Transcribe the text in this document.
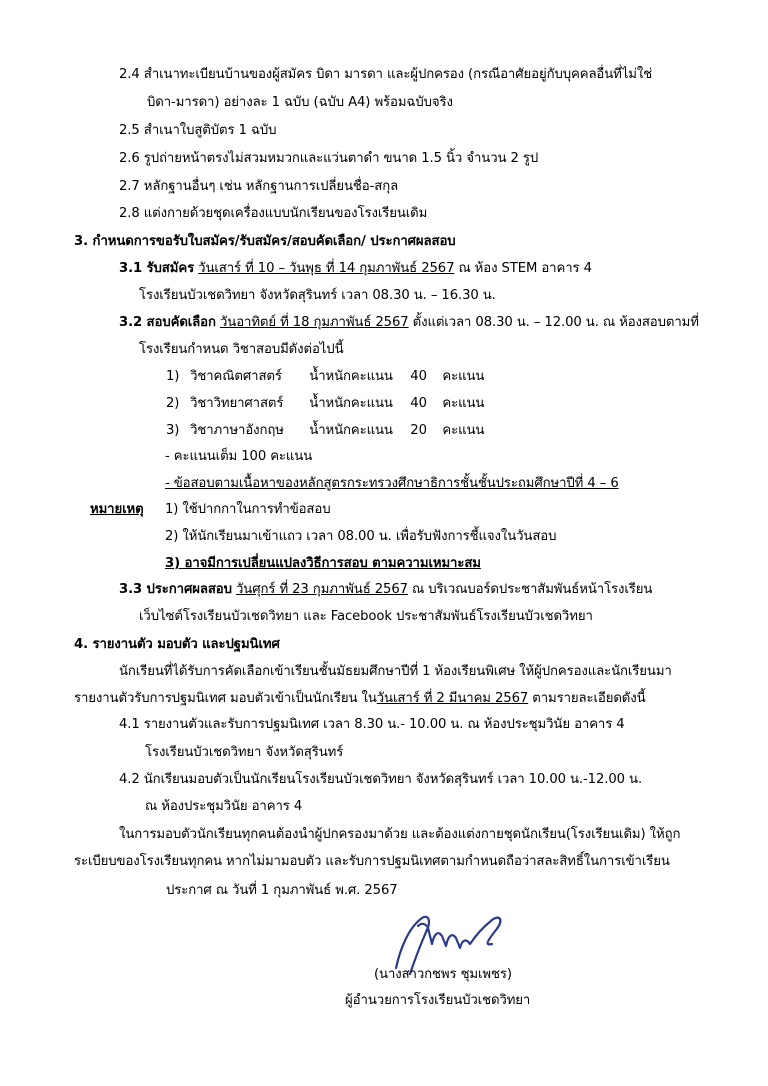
2.4 สำเนาทะเบียนบ้านของผู้สมัคร บิดา มารดา และผู้ปกครอง (กรณีอาศัยอยู่กับบุคคลอื่นที่ไม่ใช่
บิดา-มารดา) อย่างละ 1 ฉบับ (ฉบับ A4) พร้อมฉบับจริง
2.5 สำเนาใบสูติบัตร 1 ฉบับ
2.6 รูปถ่ายหน้าตรงไม่สวมหมวกและแว่นตาดำ ขนาด 1.5 นิ้ว จำนวน 2 รูป
2.7 หลักฐานอื่นๆ เช่น หลักฐานการเปลี่ยนชื่อ-สกุล
2.8 แต่งกายด้วยชุดเครื่องแบบนักเรียนของโรงเรียนเดิม
3. กำหนดการขอรับใบสมัคร/รับสมัคร/สอบคัดเลือก/ ประกาศผลสอบ
3.1 รับสมัคร วันเสาร์ ที่ 10 – วันพุธ ที่ 14 กุมภาพันธ์ 2567 ณ ห้อง STEM อาคาร 4
โรงเรียนบัวเชดวิทยา จังหวัดสุรินทร์ เวลา 08.30 น. – 16.30 น.
3.2 สอบคัดเลือก วันอาทิตย์ ที่ 18 กุมภาพันธ์ 2567 ตั้งแต่เวลา 08.30 น. – 12.00 น. ณ ห้องสอบตามที่
โรงเรียนกำหนด วิชาสอบมีดังต่อไปนี้
1) วิชาคณิตศาสตร์ น้ำหนักคะแนน 40 คะแนน
2) วิชาวิทยาศาสตร์ น้ำหนักคะแนน 40 คะแนน
3) วิชาภาษาอังกฤษ น้ำหนักคะแนน 20 คะแนน
- คะแนนเต็ม 100 คะแนน
- ข้อสอบตามเนื้อหาของหลักสูตรกระทรวงศึกษาธิการชั้นชั้นประถมศึกษาปีที่ 4 – 6
หมายเหตุ 1) ใช้ปากกาในการทำข้อสอบ
2) ให้นักเรียนมาเข้าแถว เวลา 08.00 น. เพื่อรับฟังการชี้แจงในวันสอบ
3) อาจมีการเปลี่ยนแปลงวิธีการสอบ ตามความเหมาะสม
3.3 ประกาศผลสอบ วันศุกร์ ที่ 23 กุมภาพันธ์ 2567 ณ บริเวณบอร์ดประชาสัมพันธ์หน้าโรงเรียน
เว็บไซต์โรงเรียนบัวเชดวิทยา และ Facebook ประชาสัมพันธ์โรงเรียนบัวเชดวิทยา
4. รายงานตัว มอบตัว และปฐมนิเทศ
นักเรียนที่ได้รับการคัดเลือกเข้าเรียนชั้นมัธยมศึกษาปีที่ 1 ห้องเรียนพิเศษ ให้ผู้ปกครองและนักเรียนมา
รายงานตัวรับการปฐมนิเทศ มอบตัวเข้าเป็นนักเรียน ในวันเสาร์ ที่ 2 มีนาคม 2567 ตามรายละเอียดดังนี้
4.1 รายงานตัวและรับการปฐมนิเทศ เวลา 8.30 น.- 10.00 น. ณ ห้องประชุมวินัย อาคาร 4
โรงเรียนบัวเชดวิทยา จังหวัดสุรินทร์
4.2 นักเรียนมอบตัวเป็นนักเรียนโรงเรียนบัวเชดวิทยา จังหวัดสุรินทร์ เวลา 10.00 น.-12.00 น.
ณ ห้องประชุมวินัย อาคาร 4
ในการมอบตัวนักเรียนทุกคนต้องนำผู้ปกครองมาด้วย และต้องแต่งกายชุดนักเรียน(โรงเรียนเดิม) ให้ถูก
ระเบียบของโรงเรียนทุกคน หากไม่มามอบตัว และรับการปฐมนิเทศตามกำหนดถือว่าสละสิทธิ์ในการเข้าเรียน
ประกาศ ณ วันที่ 1 กุมภาพันธ์ พ.ศ. 2567
(นางสาวกชพร ชุมเพชร)
ผู้อำนวยการโรงเรียนบัวเชดวิทยา
